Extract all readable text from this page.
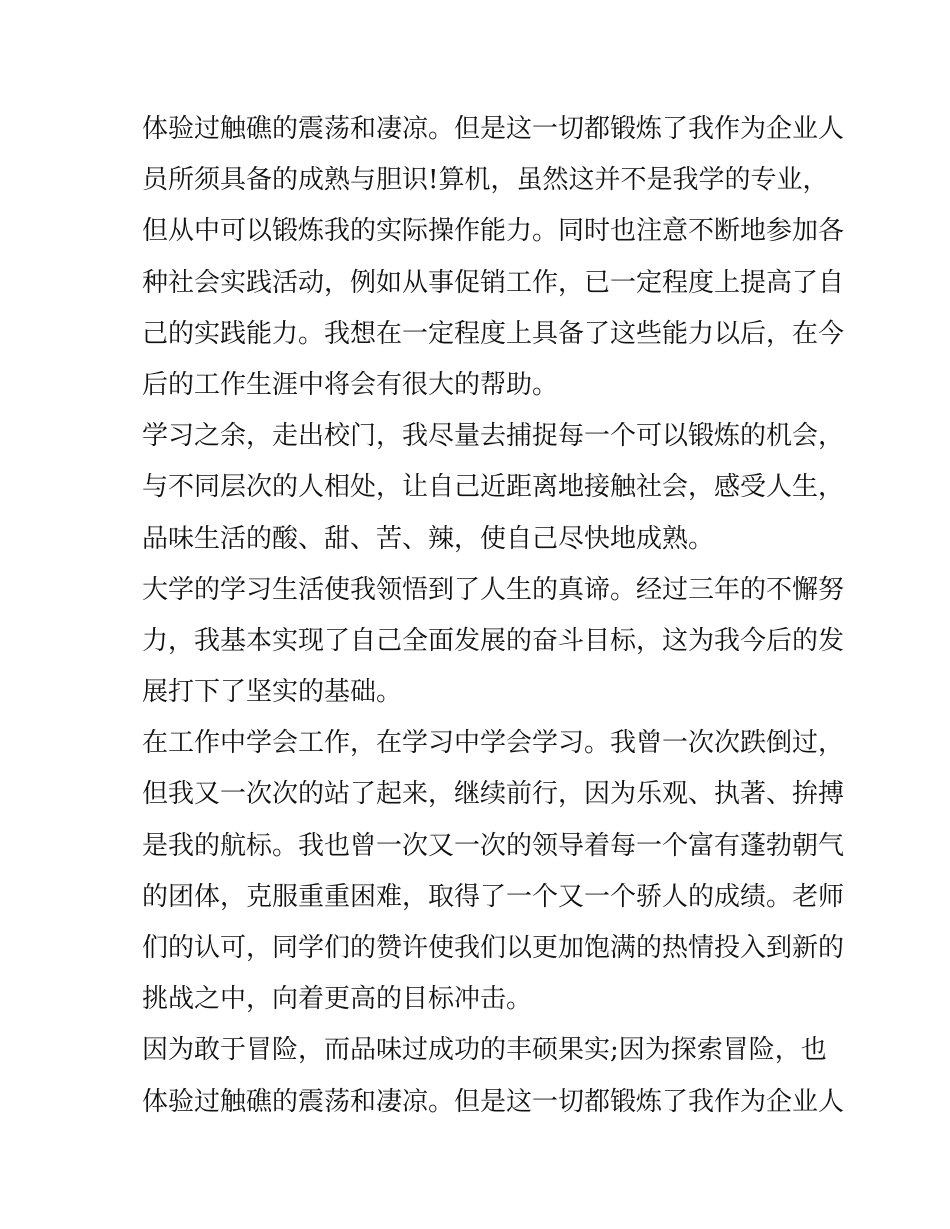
体验过触礁的震荡和凄凉。但是这一切都锻炼了我作为企业人
员所须具备的成熟与胆识!算机，虽然这并不是我学的专业，
但从中可以锻炼我的实际操作能力。同时也注意不断地参加各
种社会实践活动，例如从事促销工作，已一定程度上提高了自
己的实践能力。我想在一定程度上具备了这些能力以后，在今
后的工作生涯中将会有很大的帮助。
学习之余，走出校门，我尽量去捕捉每一个可以锻炼的机会，
与不同层次的人相处，让自己近距离地接触社会，感受人生，
品味生活的酸、甜、苦、辣，使自己尽快地成熟。
大学的学习生活使我领悟到了人生的真谛。经过三年的不懈努
力，我基本实现了自己全面发展的奋斗目标，这为我今后的发
展打下了坚实的基础。
在工作中学会工作，在学习中学会学习。我曾一次次跌倒过，
但我又一次次的站了起来，继续前行，因为乐观、执著、拚搏
是我的航标。我也曾一次又一次的领导着每一个富有蓬勃朝气
的团体，克服重重困难，取得了一个又一个骄人的成绩。老师
们的认可，同学们的赞许使我们以更加饱满的热情投入到新的
挑战之中，向着更高的目标冲击。
因为敢于冒险，而品味过成功的丰硕果实;因为探索冒险，也
体验过触礁的震荡和凄凉。但是这一切都锻炼了我作为企业人
